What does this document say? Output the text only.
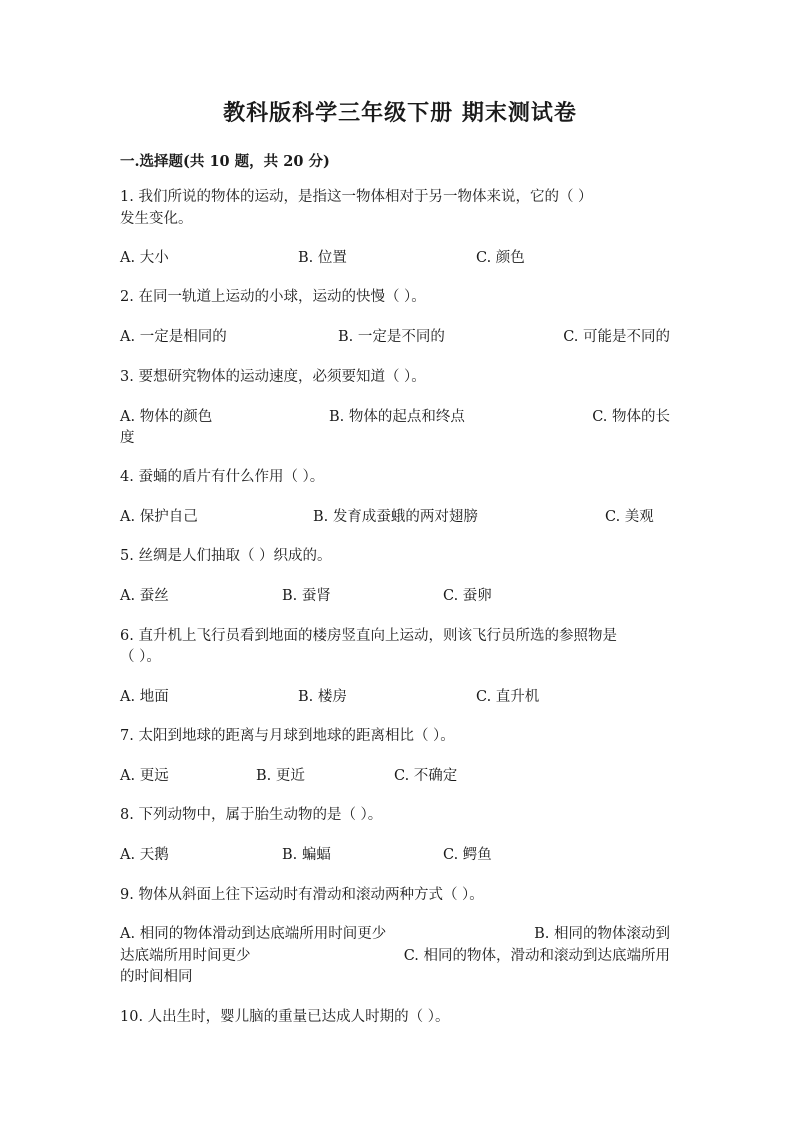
教科版科学三年级下册 期末测试卷
一.选择题(共 10 题，共 20 分)
1. 我们所说的物体的运动，是指这一物体相对于另一物体来说，它的（ ）
发生变化。
A. 大小	B. 位置	C. 颜色
2. 在同一轨道上运动的小球，运动的快慢（ ）。
A. 一定是相同的	B. 一定是不同的	C. 可能是不同的
3. 要想研究物体的运动速度，必须要知道（ ）。
A. 物体的颜色	B. 物体的起点和终点	C. 物体的长
度
4. 蚕蛹的盾片有什么作用（ ）。
A. 保护自己	B. 发育成蚕蛾的两对翅膀	C. 美观
5. 丝绸是人们抽取（ ）织成的。
A. 蚕丝	B. 蚕肾	C. 蚕卵
6. 直升机上飞行员看到地面的楼房竖直向上运动，则该飞行员所选的参照物是
（ ）。
A. 地面	B. 楼房	C. 直升机
7. 太阳到地球的距离与月球到地球的距离相比（ ）。
A. 更远	B. 更近	C. 不确定
8. 下列动物中，属于胎生动物的是（ ）。
A. 天鹅	B. 蝙蝠	C. 鳄鱼
9. 物体从斜面上往下运动时有滑动和滚动两种方式（ ）。
A. 相同的物体滑动到达底端所用时间更少	B. 相同的物体滚动到
达底端所用时间更少	C. 相同的物体，滑动和滚动到达底端所用
的时间相同
10. 人出生时，婴儿脑的重量已达成人时期的（ ）。
